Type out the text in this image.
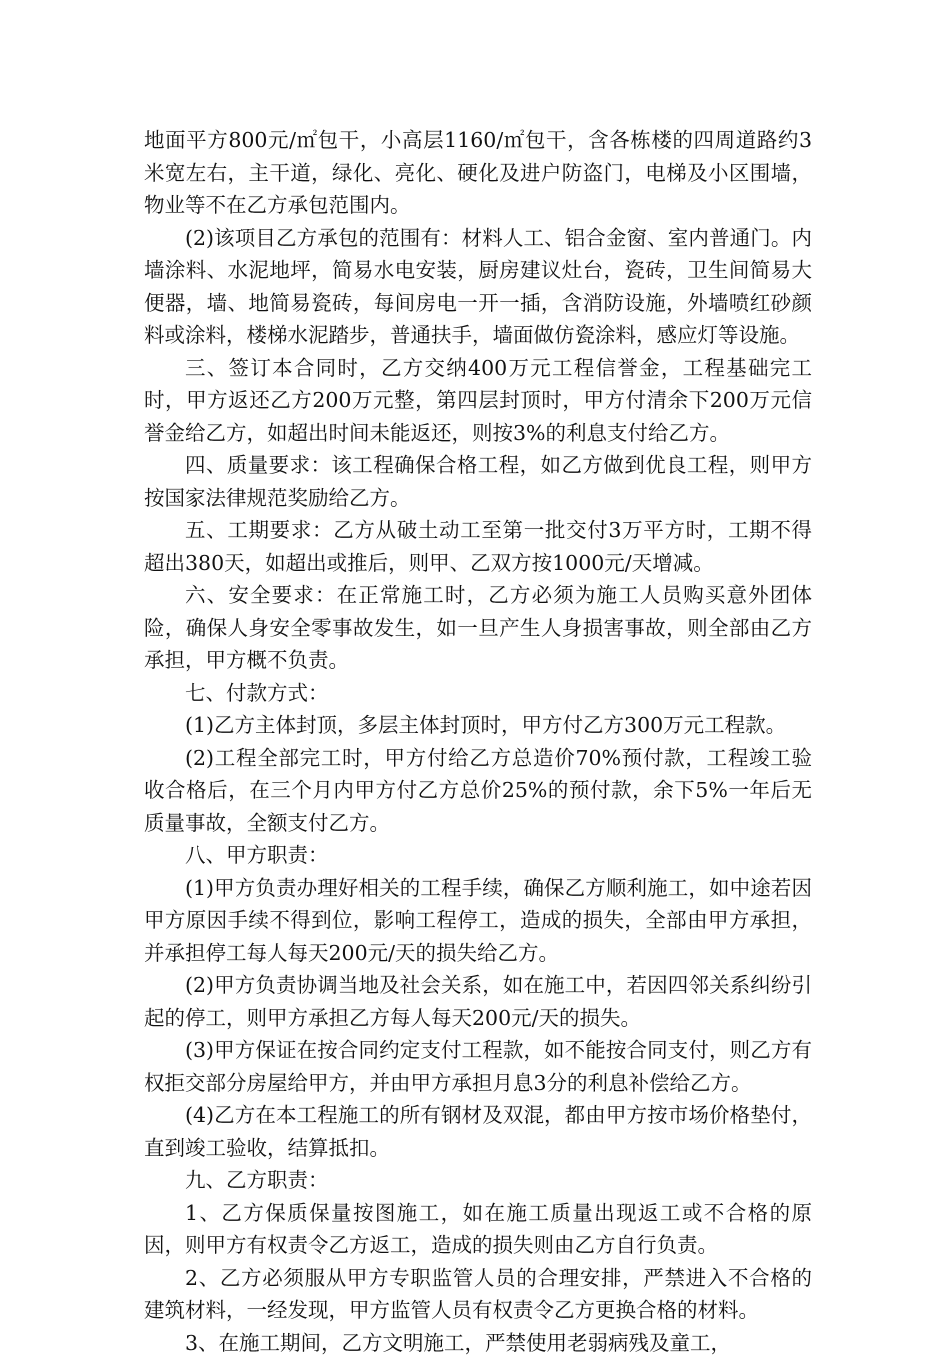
地面平方800元/㎡包干，小高层1160/㎡包干，含各栋楼的四周道路约3米宽左右，主干道，绿化、亮化、硬化及进户防盗门，电梯及小区围墙，物业等不在乙方承包范围内。

(2)该项目乙方承包的范围有：材料人工、铝合金窗、室内普通门。内墙涂料、水泥地坪，简易水电安装，厨房建议灶台，瓷砖，卫生间简易大便器，墙、地简易瓷砖，每间房电一开一插，含消防设施，外墙喷红砂颜料或涂料，楼梯水泥踏步，普通扶手，墙面做仿瓷涂料，感应灯等设施。

三、签订本合同时，乙方交纳400万元工程信誉金，工程基础完工时，甲方返还乙方200万元整，第四层封顶时，甲方付清余下200万元信誉金给乙方，如超出时间未能返还，则按3%的利息支付给乙方。

四、质量要求：该工程确保合格工程，如乙方做到优良工程，则甲方按国家法律规范奖励给乙方。

五、工期要求：乙方从破土动工至第一批交付3万平方时，工期不得超出380天，如超出或推后，则甲、乙双方按1000元/天增减。

六、安全要求：在正常施工时，乙方必须为施工人员购买意外团体险，确保人身安全零事故发生，如一旦产生人身损害事故，则全部由乙方承担，甲方概不负责。

七、付款方式：

(1)乙方主体封顶，多层主体封顶时，甲方付乙方300万元工程款。

(2)工程全部完工时，甲方付给乙方总造价70%预付款，工程竣工验收合格后，在三个月内甲方付乙方总价25%的预付款，余下5%一年后无质量事故，全额支付乙方。

八、甲方职责：

(1)甲方负责办理好相关的工程手续，确保乙方顺利施工，如中途若因甲方原因手续不得到位，影响工程停工，造成的损失，全部由甲方承担，并承担停工每人每天200元/天的损失给乙方。

(2)甲方负责协调当地及社会关系，如在施工中，若因四邻关系纠纷引起的停工，则甲方承担乙方每人每天200元/天的损失。

(3)甲方保证在按合同约定支付工程款，如不能按合同支付，则乙方有权拒交部分房屋给甲方，并由甲方承担月息3分的利息补偿给乙方。

(4)乙方在本工程施工的所有钢材及双混，都由甲方按市场价格垫付，直到竣工验收，结算抵扣。

九、乙方职责：

1、乙方保质保量按图施工，如在施工质量出现返工或不合格的原因，则甲方有权责令乙方返工，造成的损失则由乙方自行负责。

2、乙方必须服从甲方专职监管人员的合理安排，严禁进入不合格的建筑材料，一经发现，甲方监管人员有权责令乙方更换合格的材料。

3、在施工期间，乙方文明施工，严禁使用老弱病残及童工，
